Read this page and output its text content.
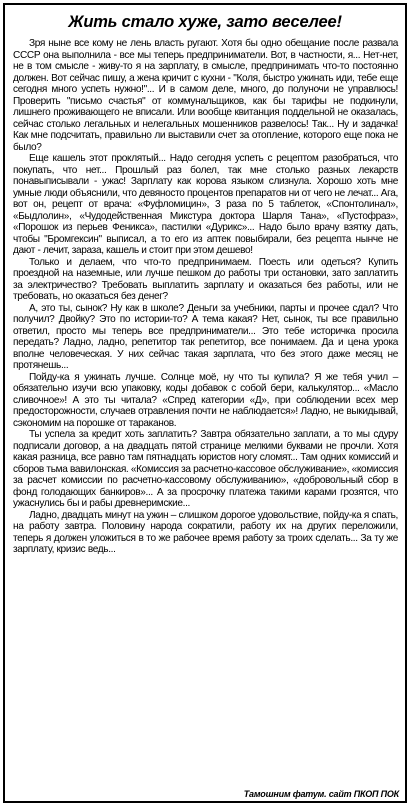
Жить стало хуже, зато веселее!

Зря ныне все кому не лень власть ругают. Хотя бы одно обещание после развала СССР она выполнила - все мы теперь предприниматели. Вот, в частности, я... Нет-нет, не в том смысле - живу-то я на зарплату, в смысле, предпринимать что-то постоянно должен. Вот сейчас пишу, а жена кричит с кухни - "Коля, быстро ужинать иди, тебе еще сегодня много успеть нужно!"... И в самом деле, много, до полуночи не управлюсь! Проверить "письмо счастья" от коммунальщиков, как бы тарифы не подкинули, лишнего проживающего не вписали. Или вообще квитанция поддельной не оказалась, сейчас столько легальных и нелегальных мошенников развелось! Так... Ну и задачка! Как мне подсчитать, правильно ли выставили счет за отопление, которого еще пока не было?

Еще кашель этот проклятый... Надо сегодня успеть с рецептом разобраться, что покупать, что нет... Прошлый раз болел, так мне столько разных лекарств понавыписывали - ужас! Зарплату как корова языком слизнула. Хорошо хоть мне умные люди объяснили, что девяносто процентов препаратов ни от чего не лечат... Ага, вот он, рецепт от врача: «Фуфломицин», 3 раза по 5 таблеток, «Спонтолинал», «Быдлолин», «Чудодейственная Микстура доктора Шарля Тана», «Пустофраз», «Порошок из перьев Феникса», пастилки «Дурикс»... Надо было врачу взятку дать, чтобы "Бромгексин" выписал, а то его из аптек повыбирали, без рецепта нынче не дают - лечит, зараза, кашель и стоит при этом дешево!

Только и делаем, что что-то предпринимаем. Поесть или одеться? Купить проездной на наземные, или лучше пешком до работы три остановки, зато заплатить за электричество? Требовать выплатить зарплату и оказаться без работы, или не требовать, но оказаться без денег?

А, это ты, сынок? Ну как в школе? Деньги за учебники, парты и прочее сдал? Что получил? Двойку? Это по истории-то? А тема какая? Нет, сынок, ты все правильно ответил, просто мы теперь все предприниматели... Это тебе историчка просила передать? Ладно, ладно, репетитор так репетитор, все понимаем. Да и цена урока вполне человеческая. У них сейчас такая зарплата, что без этого даже месяц не протянешь...

Пойду-ка я ужинать лучше. Солнце моё, ну что ты купила? Я же тебя учил – обязательно изучи всю упаковку, коды добавок с собой бери, калькулятор... «Масло сливочное»! А это ты читала? «Спред категории «Д», при соблюдении всех мер предосторожности, случаев отравления почти не наблюдается»! Ладно, не выкидывай, сэкономим на порошке от тараканов.

Ты успела за кредит хоть заплатить? Завтра обязательно заплати, а то мы сдуру подписали договор, а на двадцать пятой странице мелкими буквами не прочли. Хотя какая разница, все равно там пятнадцать юристов ногу сломят... Там одних комиссий и сборов тьма вавилонская. «Комиссия за расчетно-кассовое обслуживание», «комиссия за расчет комиссии по расчетно-кассовому обслуживанию», «добровольный сбор в фонд голодающих банкиров»... А за просрочку платежа такими карами грозятся, что ужаснулись бы и рабы древнеримские...

Ладно, двадцать минут на ужин – слишком дорогое удовольствие, пойду-ка я спать, на работу завтра. Половину народа сократили, работу их на других переложили, теперь я должен уложиться в то же рабочее время работу за троих сделать... За ту же зарплату, кризис ведь...

Тамошним фатум. сайт ПКОП ПОК
